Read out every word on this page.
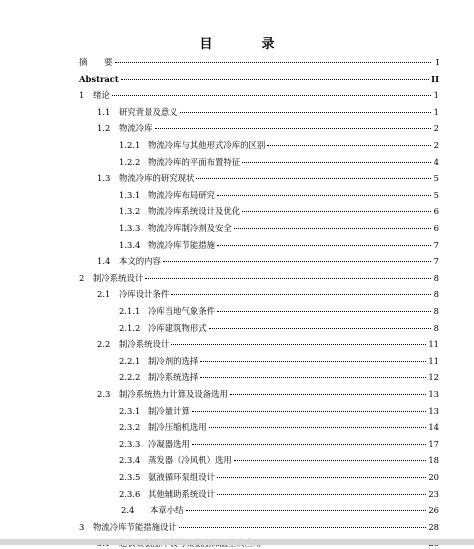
目　录
摘　　要	I
Abstract	II
1	绪论	1
1.1	研究背景及意义	1
1.2	物流冷库	2
1.2.1 物流冷库与其他形式冷库的区别	2
1.2.2 物流冷库的平面布置特征	4
1.3	物流冷库的研究现状	5
1.3.1 物流冷库布局研究	5
1.3.2 物流冷库系统设计及优化	6
1.3.3 物流冷库制冷剂及安全	6
1.3.4 物流冷库节能措施	7
1.4	本文的内容	7
2	制冷系统设计	8
2.1	冷库设计条件	8
2.1.1 冷库当地气象条件	8
2.1.2 冷库建筑物形式	8
2.2	制冷系统设计	11
2.2.1 制冷剂的选择	11
2.2.2 制冷系统选择	12
2.3	制冷系统热力计算及设备选用	13
2.3.1 制冷量计算	13
2.3.2 制冷压缩机选用	14
2.3.3 冷凝器选用	17
2.3.4 蒸发器（冷风机）选用	18
2.3.5 氨液循环泵组设计	20
2.3.6 其他辅助系统设计	23
2.4	本章小结	26
3	物流冷库节能措施设计	28
